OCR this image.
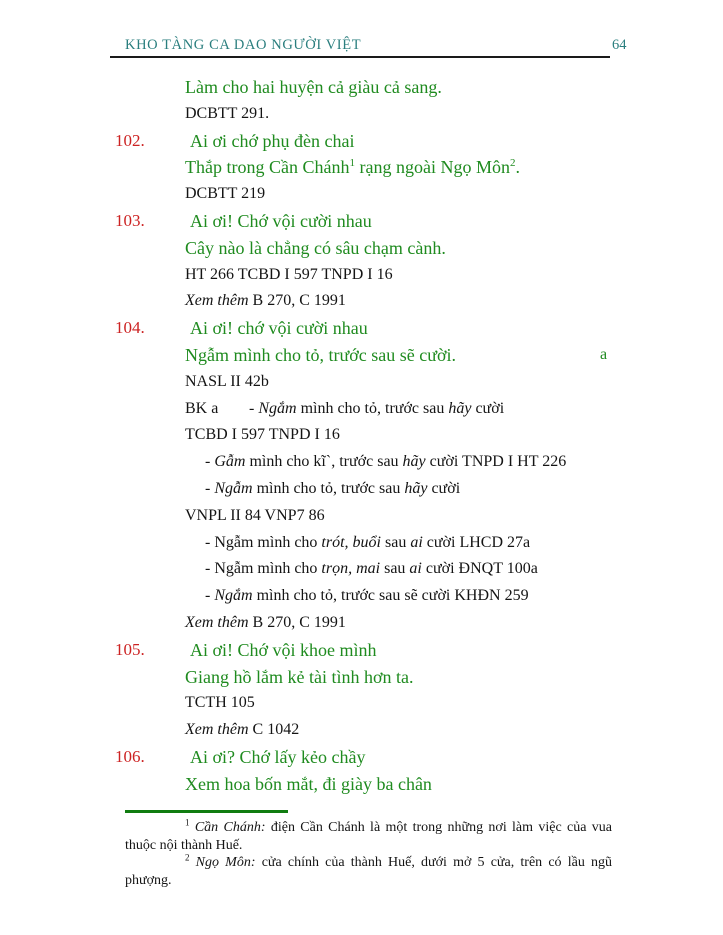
KHO TÀNG CA DAO NGƯỜI VIỆT	64
Làm cho hai huyện cả giàu cả sang.
DCBTT 291.
102.	Ai ơi chớ phụ đèn chai
Thắp trong Cần Chánh$^1$ rạng ngoài Ngọ Môn$^2$.
DCBTT 219
103.	Ai ơi! Chớ vội cười nhau
Cây nào là chẳng có sâu chạm cành.
HT 266 TCBD I 597 TNPD I 16
Xem thêm B 270, C 1991
104.	Ai ơi! chớ vội cười nhau
Ngẫm mình cho tỏ, trước sau sẽ cười.	a
NASL II 42b
BK a - Ngắm mình cho tỏ, trước sau hãy cười
TCBD I 597 TNPD I 16
- Gẫm mình cho kĩ`, trước sau hãy cười TNPD I HT 226
- Ngẫm mình cho tỏ, trước sau hãy cười
VNPL II 84 VNP7 86
- Ngẫm mình cho trót, buổi sau ai cười LHCD 27a
- Ngẫm mình cho trọn, mai sau ai cười ĐNQT 100a
- Ngắm mình cho tỏ, trước sau sẽ cười KHĐN 259
Xem thêm B 270, C 1991
105.	Ai ơi! Chớ vội khoe mình
Giang hồ lắm kẻ tài tình hơn ta.
TCTH 105
Xem thêm C 1042
106.	Ai ơi? Chớ lấy kẻo chầy
Xem hoa bốn mắt, đi giày ba chân

$^1$ Cần Chánh: điện Cần Chánh là một trong những nơi làm việc của vua thuộc nội thành Huế.

$^2$ Ngọ Môn: cửa chính của thành Huế, dưới mở 5 cửa, trên có lầu ngũ phượng.
